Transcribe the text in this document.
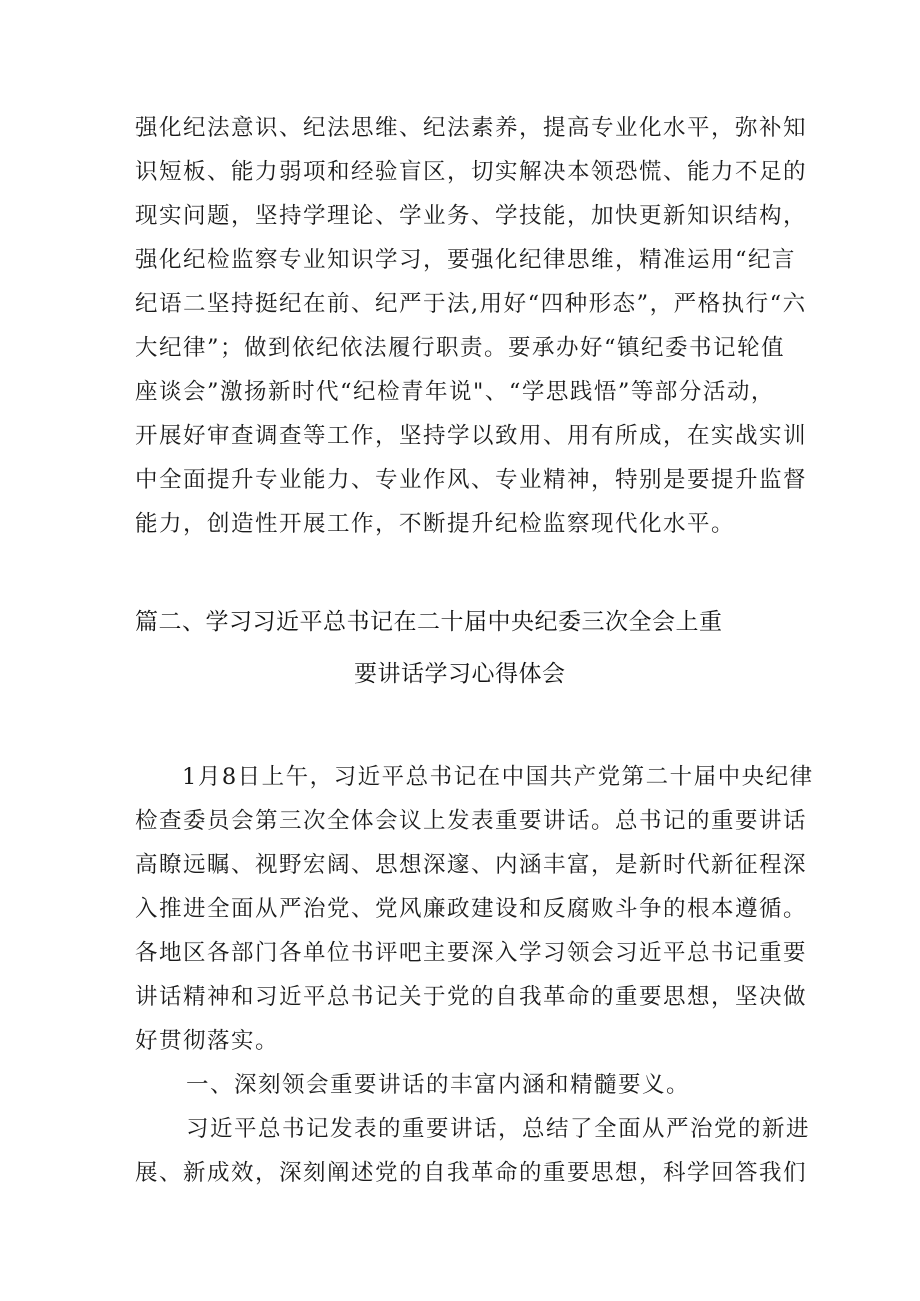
强化纪法意识、纪法思维、纪法素养，提高专业化水平，弥补知
识短板、能力弱项和经验盲区，切实解决本领恐慌、能力不足的
现实问题，坚持学理论、学业务、学技能，加快更新知识结构，
强化纪检监察专业知识学习，要强化纪律思维，精准运用“纪言
纪语二坚持挺纪在前、纪严于法,用好“四种形态”，严格执行“六
大纪律”；做到依纪依法履行职责。要承办好“镇纪委书记轮值
座谈会”激扬新时代“纪检青年说"、“学思践悟”等部分活动，
开展好审查调查等工作，坚持学以致用、用有所成，在实战实训
中全面提升专业能力、专业作风、专业精神，特别是要提升监督
能力，创造性开展工作，不断提升纪检监察现代化水平。
篇二、学习习近平总书记在二十届中央纪委三次全会上重
要讲话学习心得体会
1月8日上午，习近平总书记在中国共产党第二十届中央纪律
检查委员会第三次全体会议上发表重要讲话。总书记的重要讲话
高瞭远瞩、视野宏阔、思想深邃、内涵丰富，是新时代新征程深
入推进全面从严治党、党风廉政建设和反腐败斗争的根本遵循。
各地区各部门各单位书评吧主要深入学习领会习近平总书记重要
讲话精神和习近平总书记关于党的自我革命的重要思想，坚决做
好贯彻落实。
一、深刻领会重要讲话的丰富内涵和精髓要义。
习近平总书记发表的重要讲话，总结了全面从严治党的新进
展、新成效，深刻阐述党的自我革命的重要思想，科学回答我们
